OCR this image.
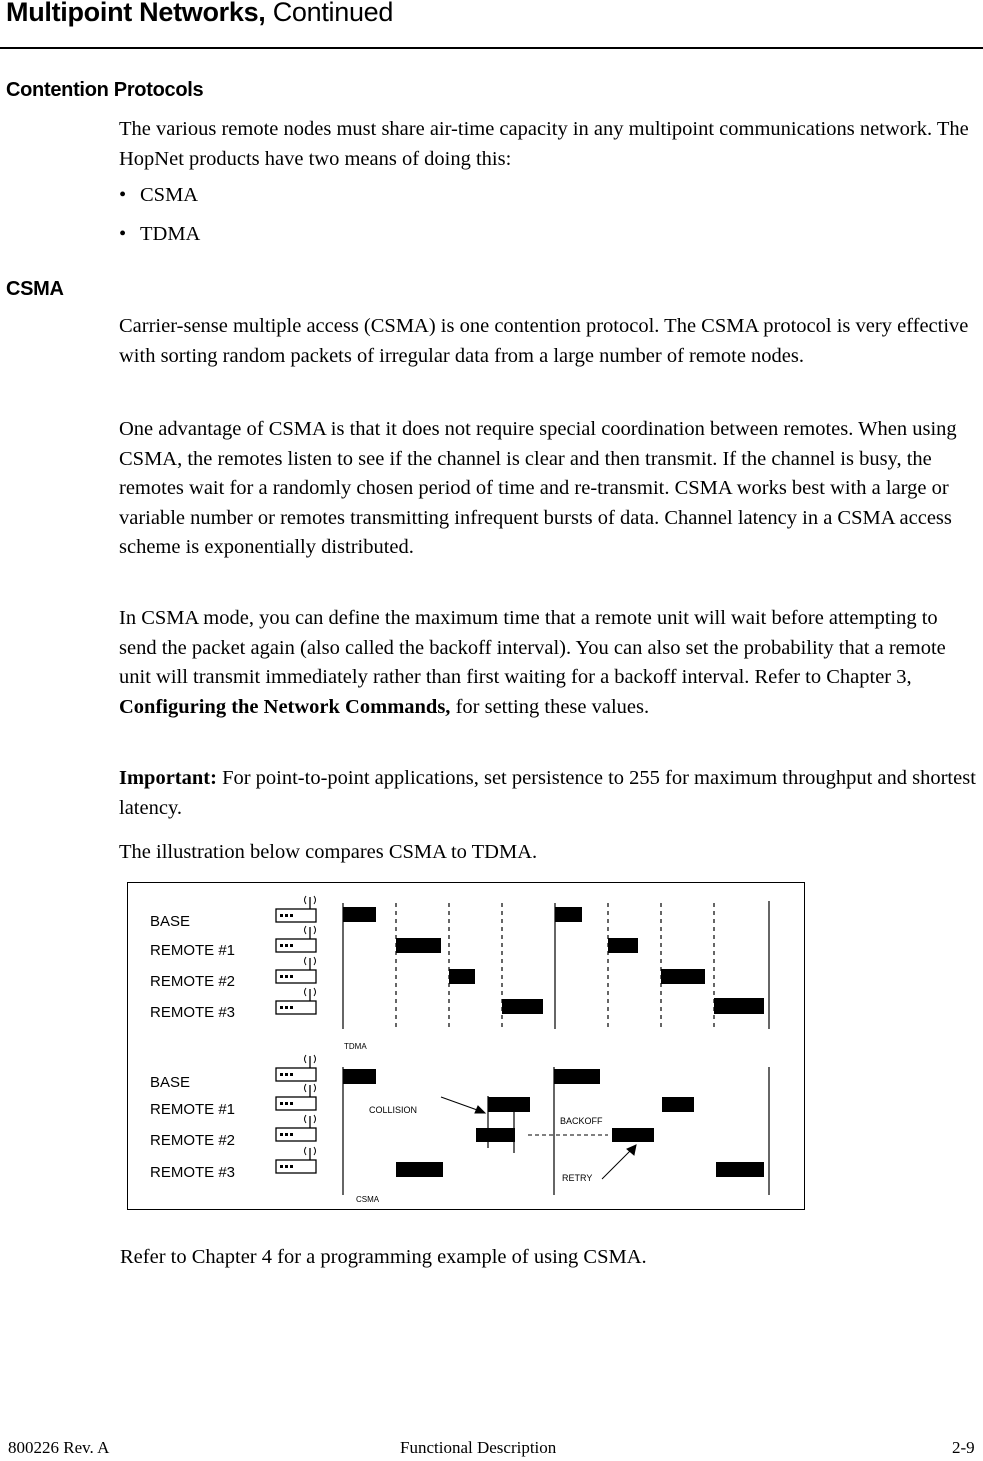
Multipoint Networks, Continued
Contention Protocols

The various remote nodes must share air-time capacity in any multipoint communications network. The HopNet products have two means of doing this:

• CSMA
• TDMA
CSMA

Carrier-sense multiple access (CSMA) is one contention protocol. The CSMA protocol is very effective with sorting random packets of irregular data from a large number of remote nodes.

One advantage of CSMA is that it does not require special coordination between remotes. When using CSMA, the remotes listen to see if the channel is clear and then transmit. If the channel is busy, the remotes wait for a randomly chosen period of time and re-transmit. CSMA works best with a large or variable number or remotes transmitting infrequent bursts of data. Channel latency in a CSMA access scheme is exponentially distributed.

In CSMA mode, you can define the maximum time that a remote unit will wait before attempting to send the packet again (also called the backoff interval). You can also set the probability that a remote unit will transmit immediately rather than first waiting for a backoff interval. Refer to Chapter 3, Configuring the Network Commands, for setting these values.

Important: For point-to-point applications, set persistence to 255 for maximum throughput and shortest latency.

The illustration below compares CSMA to TDMA.

BASE
REMOTE #1
REMOTE #2
REMOTE #3
BASE
REMOTE #1
REMOTE #2
REMOTE #3
TDMA
CSMA
COLLISION
BACKOFF
RETRY

Refer to Chapter 4 for a programming example of using CSMA.

800226 Rev. A	Functional Description	2-9
